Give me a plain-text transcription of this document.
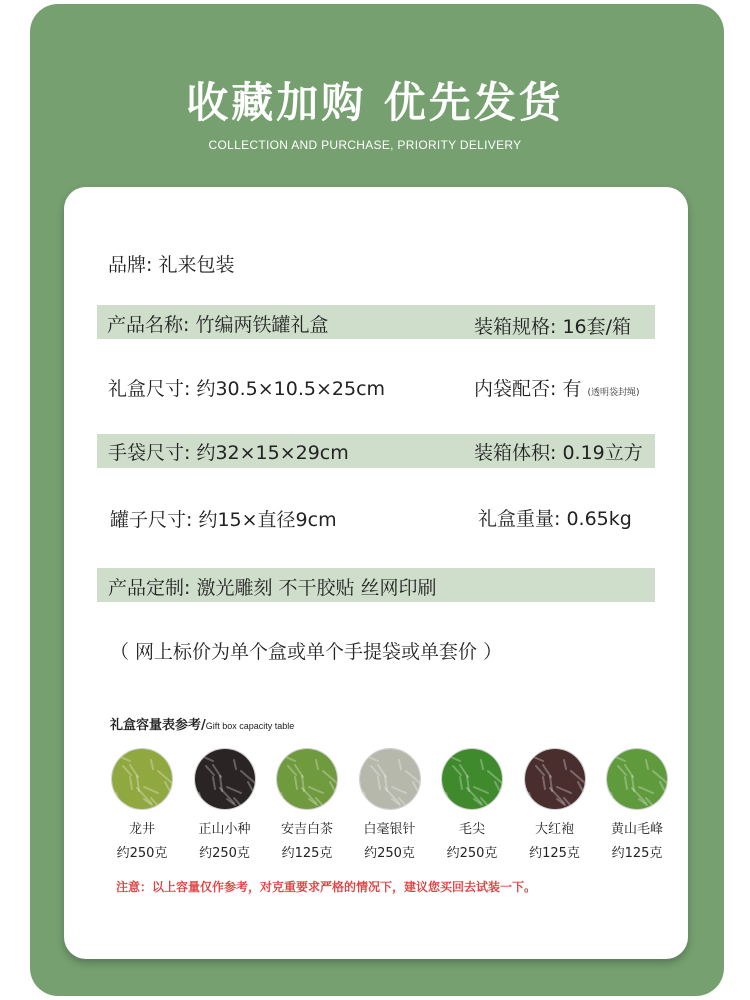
收藏加购 优先发货
COLLECTION AND PURCHASE, PRIORITY DELIVERY
品牌: 礼来包装
产品名称: 竹编两铁罐礼盒	装箱规格: 16套/箱
礼盒尺寸: 约30.5×10.5×25cm	内袋配否: 有 (透明袋封绳)
手袋尺寸: 约32×15×29cm	装箱体积: 0.19立方
罐子尺寸: 约15×直径9cm	礼盒重量: 0.65kg
产品定制: 激光雕刻 不干胶贴 丝网印刷
（ 网上标价为单个盒或单个手提袋或单套价 ）
礼盒容量表参考/Gift box capacity table
龙井
约250克
正山小种
约250克
安吉白茶
约125克
白毫银针
约250克
毛尖
约250克
大红袍
约125克
黄山毛峰
约125克
注意：以上容量仅作参考，对克重要求严格的情况下，建议您买回去试装一下。
